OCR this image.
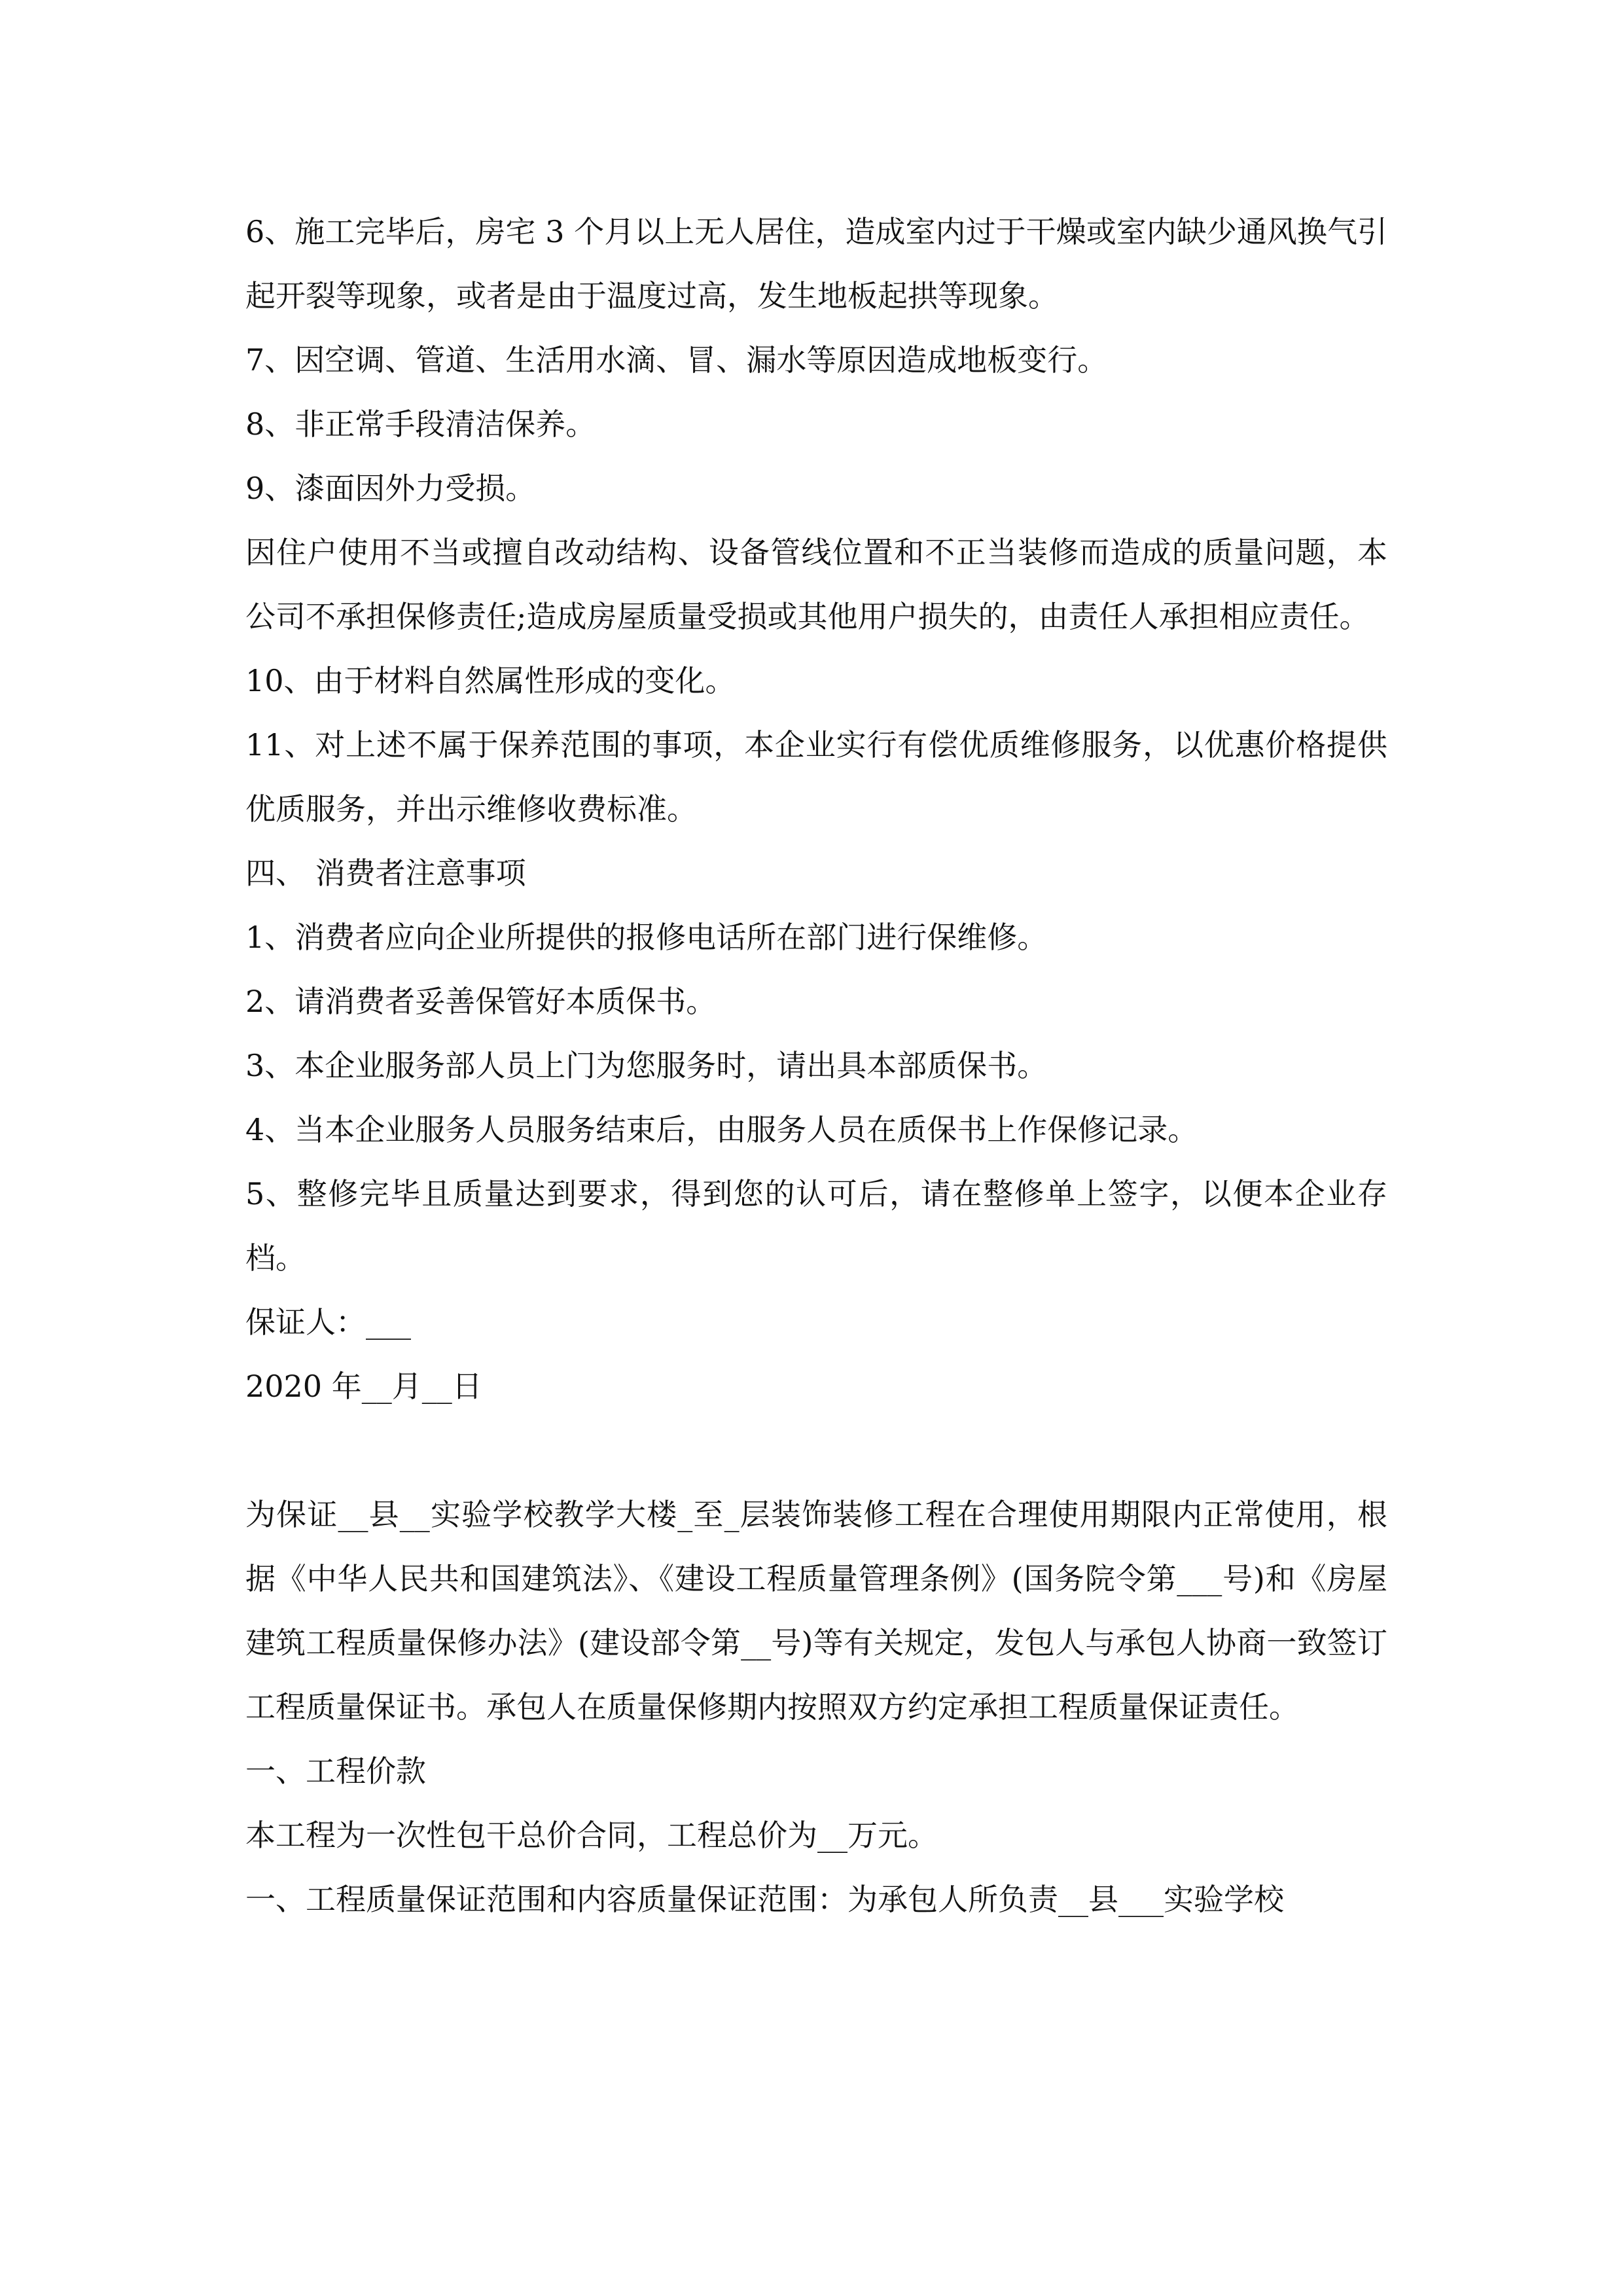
6、施工完毕后，房宅 3 个月以上无人居住，造成室内过于干燥或室内缺少通风换气引起开裂等现象，或者是由于温度过高，发生地板起拱等现象。

7、因空调、管道、生活用水滴、冒、漏水等原因造成地板变行。

8、非正常手段清洁保养。

9、漆面因外力受损。

因住户使用不当或擅自改动结构、设备管线位置和不正当装修而造成的质量问题，本公司不承担保修责任;造成房屋质量受损或其他用户损失的，由责任人承担相应责任。

10、由于材料自然属性形成的变化。

11、对上述不属于保养范围的事项，本企业实行有偿优质维修服务，以优惠价格提供优质服务，并出示维修收费标准。

四、 消费者注意事项

1、消费者应向企业所提供的报修电话所在部门进行保维修。

2、请消费者妥善保管好本质保书。

3、本企业服务部人员上门为您服务时，请出具本部质保书。

4、当本企业服务人员服务结束后，由服务人员在质保书上作保修记录。

5、整修完毕且质量达到要求，得到您的认可后，请在整修单上签字，以便本企业存档。

保证人：___

2020 年__月__日

为保证__县__实验学校教学大楼_至_层装饰装修工程在合理使用期限内正常使用，根据《中华人民共和国建筑法》、《建设工程质量管理条例》(国务院令第___号)和《房屋建筑工程质量保修办法》(建设部令第__号)等有关规定，发包人与承包人协商一致签订工程质量保证书。承包人在质量保修期内按照双方约定承担工程质量保证责任。

一、工程价款

本工程为一次性包干总价合同，工程总价为__万元。

一、工程质量保证范围和内容质量保证范围：为承包人所负责__县___实验学校
